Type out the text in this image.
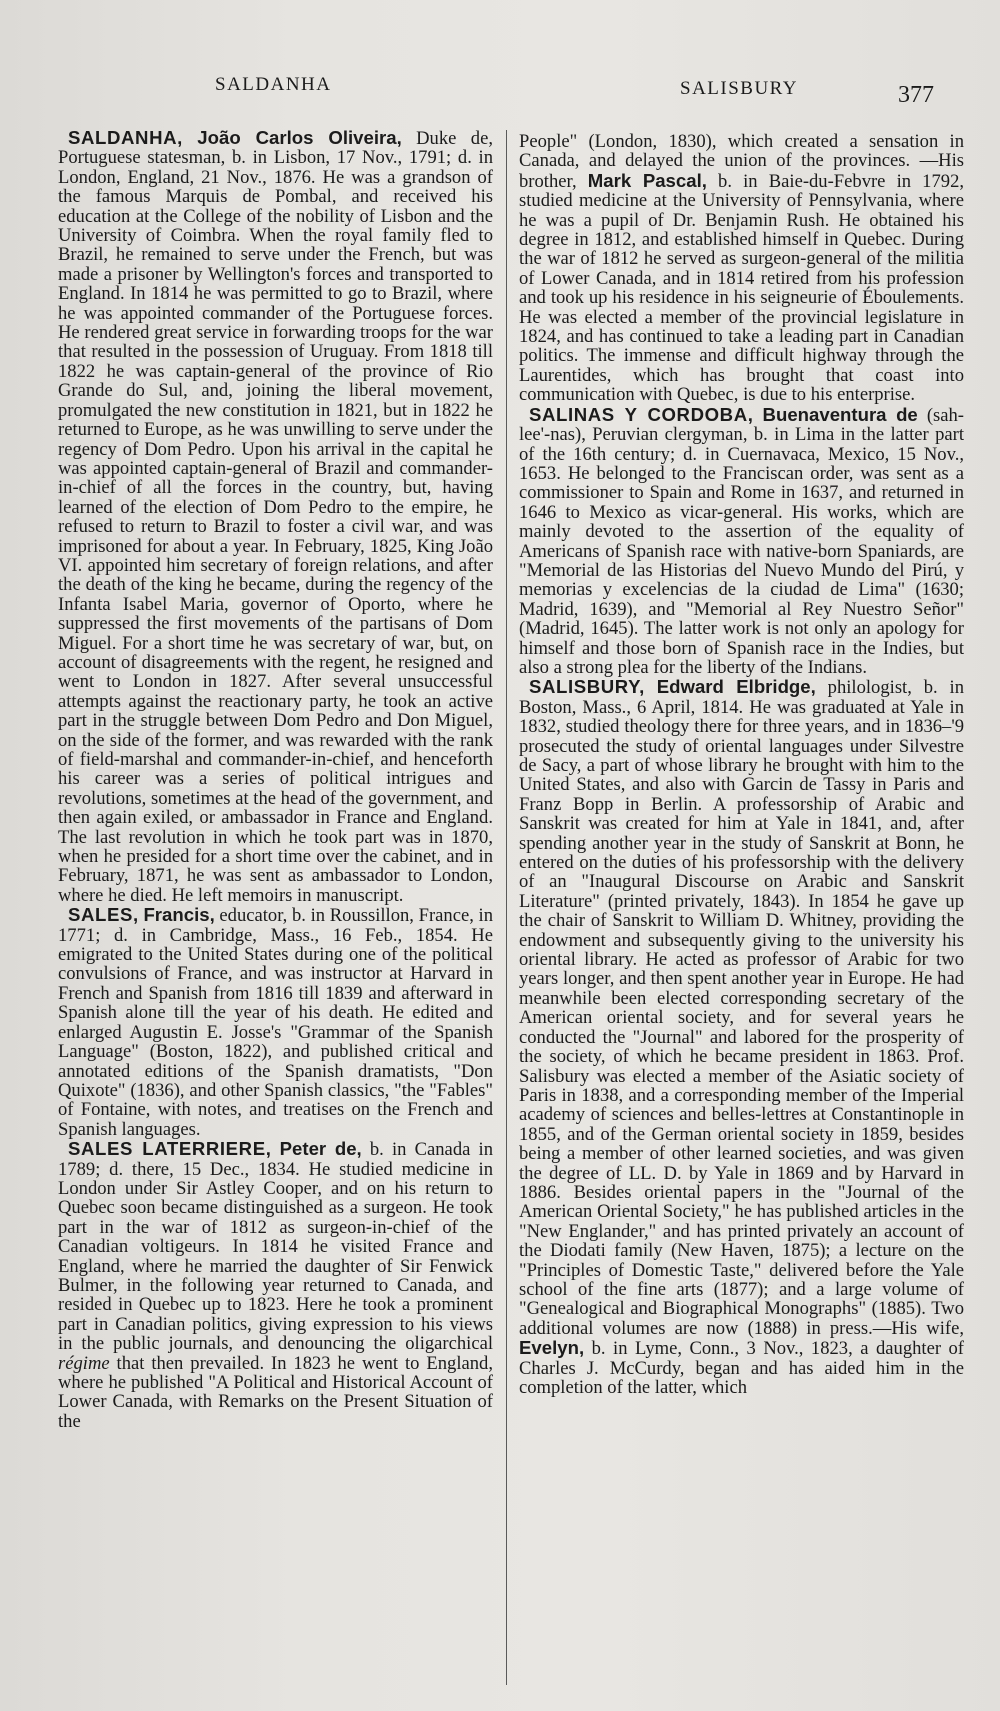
SALDANHA	SALISBURY	377

SALDANHA, João Carlos Oliveira, Duke de, Portuguese statesman, b. in Lisbon, 17 Nov., 1791; d. in London, England, 21 Nov., 1876. He was a grandson of the famous Marquis de Pombal, and received his education at the College of the nobility of Lisbon and the University of Coimbra. When the royal family fled to Brazil, he remained to serve under the French, but was made a prisoner by Wellington's forces and transported to England. In 1814 he was permitted to go to Brazil, where he was appointed commander of the Portuguese forces. He rendered great service in forwarding troops for the war that resulted in the possession of Uruguay. From 1818 till 1822 he was captain-general of the province of Rio Grande do Sul, and, joining the liberal movement, promulgated the new constitution in 1821, but in 1822 he returned to Europe, as he was unwilling to serve under the regency of Dom Pedro. Upon his arrival in the capital he was appointed captain-general of Brazil and commander-in-chief of all the forces in the country, but, having learned of the election of Dom Pedro to the empire, he refused to return to Brazil to foster a civil war, and was imprisoned for about a year. In February, 1825, King João VI. appointed him secretary of foreign relations, and after the death of the king he became, during the regency of the Infanta Isabel Maria, governor of Oporto, where he suppressed the first movements of the partisans of Dom Miguel. For a short time he was secretary of war, but, on account of disagreements with the regent, he resigned and went to London in 1827. After several unsuccessful attempts against the reactionary party, he took an active part in the struggle between Dom Pedro and Don Miguel, on the side of the former, and was rewarded with the rank of field-marshal and commander-in-chief, and henceforth his career was a series of political intrigues and revolutions, sometimes at the head of the government, and then again exiled, or ambassador in France and England. The last revolution in which he took part was in 1870, when he presided for a short time over the cabinet, and in February, 1871, he was sent as ambassador to London, where he died. He left memoirs in manuscript.

SALES, Francis, educator, b. in Roussillon, France, in 1771; d. in Cambridge, Mass., 16 Feb., 1854. He emigrated to the United States during one of the political convulsions of France, and was instructor at Harvard in French and Spanish from 1816 till 1839 and afterward in Spanish alone till the year of his death. He edited and enlarged Augustin E. Josse's "Grammar of the Spanish Language" (Boston, 1822), and published critical and annotated editions of the Spanish dramatists, "Don Quixote" (1836), and other Spanish classics, "the "Fables" of Fontaine, with notes, and treatises on the French and Spanish languages.

SALES LATERRIERE, Peter de, b. in Canada in 1789; d. there, 15 Dec., 1834. He studied medicine in London under Sir Astley Cooper, and on his return to Quebec soon became distinguished as a surgeon. He took part in the war of 1812 as surgeon-in-chief of the Canadian voltigeurs. In 1814 he visited France and England, where he married the daughter of Sir Fenwick Bulmer, in the following year returned to Canada, and resided in Quebec up to 1823. Here he took a prominent part in Canadian politics, giving expression to his views in the public journals, and denouncing the oligarchical régime that then prevailed. In 1823 he went to England, where he published "A Political and Historical Account of Lower Canada, with Remarks on the Present Situation of the

People" (London, 1830), which created a sensation in Canada, and delayed the union of the provinces. —His brother, Mark Pascal, b. in Baie-du-Febvre in 1792, studied medicine at the University of Pennsylvania, where he was a pupil of Dr. Benjamin Rush. He obtained his degree in 1812, and established himself in Quebec. During the war of 1812 he served as surgeon-general of the militia of Lower Canada, and in 1814 retired from his profession and took up his residence in his seigneurie of Éboulements. He was elected a member of the provincial legislature in 1824, and has continued to take a leading part in Canadian politics. The immense and difficult highway through the Laurentides, which has brought that coast into communication with Quebec, is due to his enterprise.

SALINAS Y CORDOBA, Buenaventura de (sah-lee'-nas), Peruvian clergyman, b. in Lima in the latter part of the 16th century; d. in Cuernavaca, Mexico, 15 Nov., 1653. He belonged to the Franciscan order, was sent as a commissioner to Spain and Rome in 1637, and returned in 1646 to Mexico as vicar-general. His works, which are mainly devoted to the assertion of the equality of Americans of Spanish race with native-born Spaniards, are "Memorial de las Historias del Nuevo Mundo del Pirú, y memorias y excelencias de la ciudad de Lima" (1630; Madrid, 1639), and "Memorial al Rey Nuestro Señor" (Madrid, 1645). The latter work is not only an apology for himself and those born of Spanish race in the Indies, but also a strong plea for the liberty of the Indians.

SALISBURY, Edward Elbridge, philologist, b. in Boston, Mass., 6 April, 1814. He was graduated at Yale in 1832, studied theology there for three years, and in 1836–'9 prosecuted the study of oriental languages under Silvestre de Sacy, a part of whose library he brought with him to the United States, and also with Garcin de Tassy in Paris and Franz Bopp in Berlin. A professorship of Arabic and Sanskrit was created for him at Yale in 1841, and, after spending another year in the study of Sanskrit at Bonn, he entered on the duties of his professorship with the delivery of an "Inaugural Discourse on Arabic and Sanskrit Literature" (printed privately, 1843). In 1854 he gave up the chair of Sanskrit to William D. Whitney, providing the endowment and subsequently giving to the university his oriental library. He acted as professor of Arabic for two years longer, and then spent another year in Europe. He had meanwhile been elected corresponding secretary of the American oriental society, and for several years he conducted the "Journal" and labored for the prosperity of the society, of which he became president in 1863. Prof. Salisbury was elected a member of the Asiatic society of Paris in 1838, and a corresponding member of the Imperial academy of sciences and belles-lettres at Constantinople in 1855, and of the German oriental society in 1859, besides being a member of other learned societies, and was given the degree of LL. D. by Yale in 1869 and by Harvard in 1886. Besides oriental papers in the "Journal of the American Oriental Society," he has published articles in the "New Englander," and has printed privately an account of the Diodati family (New Haven, 1875); a lecture on the "Principles of Domestic Taste," delivered before the Yale school of the fine arts (1877); and a large volume of "Genealogical and Biographical Monographs" (1885). Two additional volumes are now (1888) in press.—His wife, Evelyn, b. in Lyme, Conn., 3 Nov., 1823, a daughter of Charles J. McCurdy, began and has aided him in the completion of the latter, which
